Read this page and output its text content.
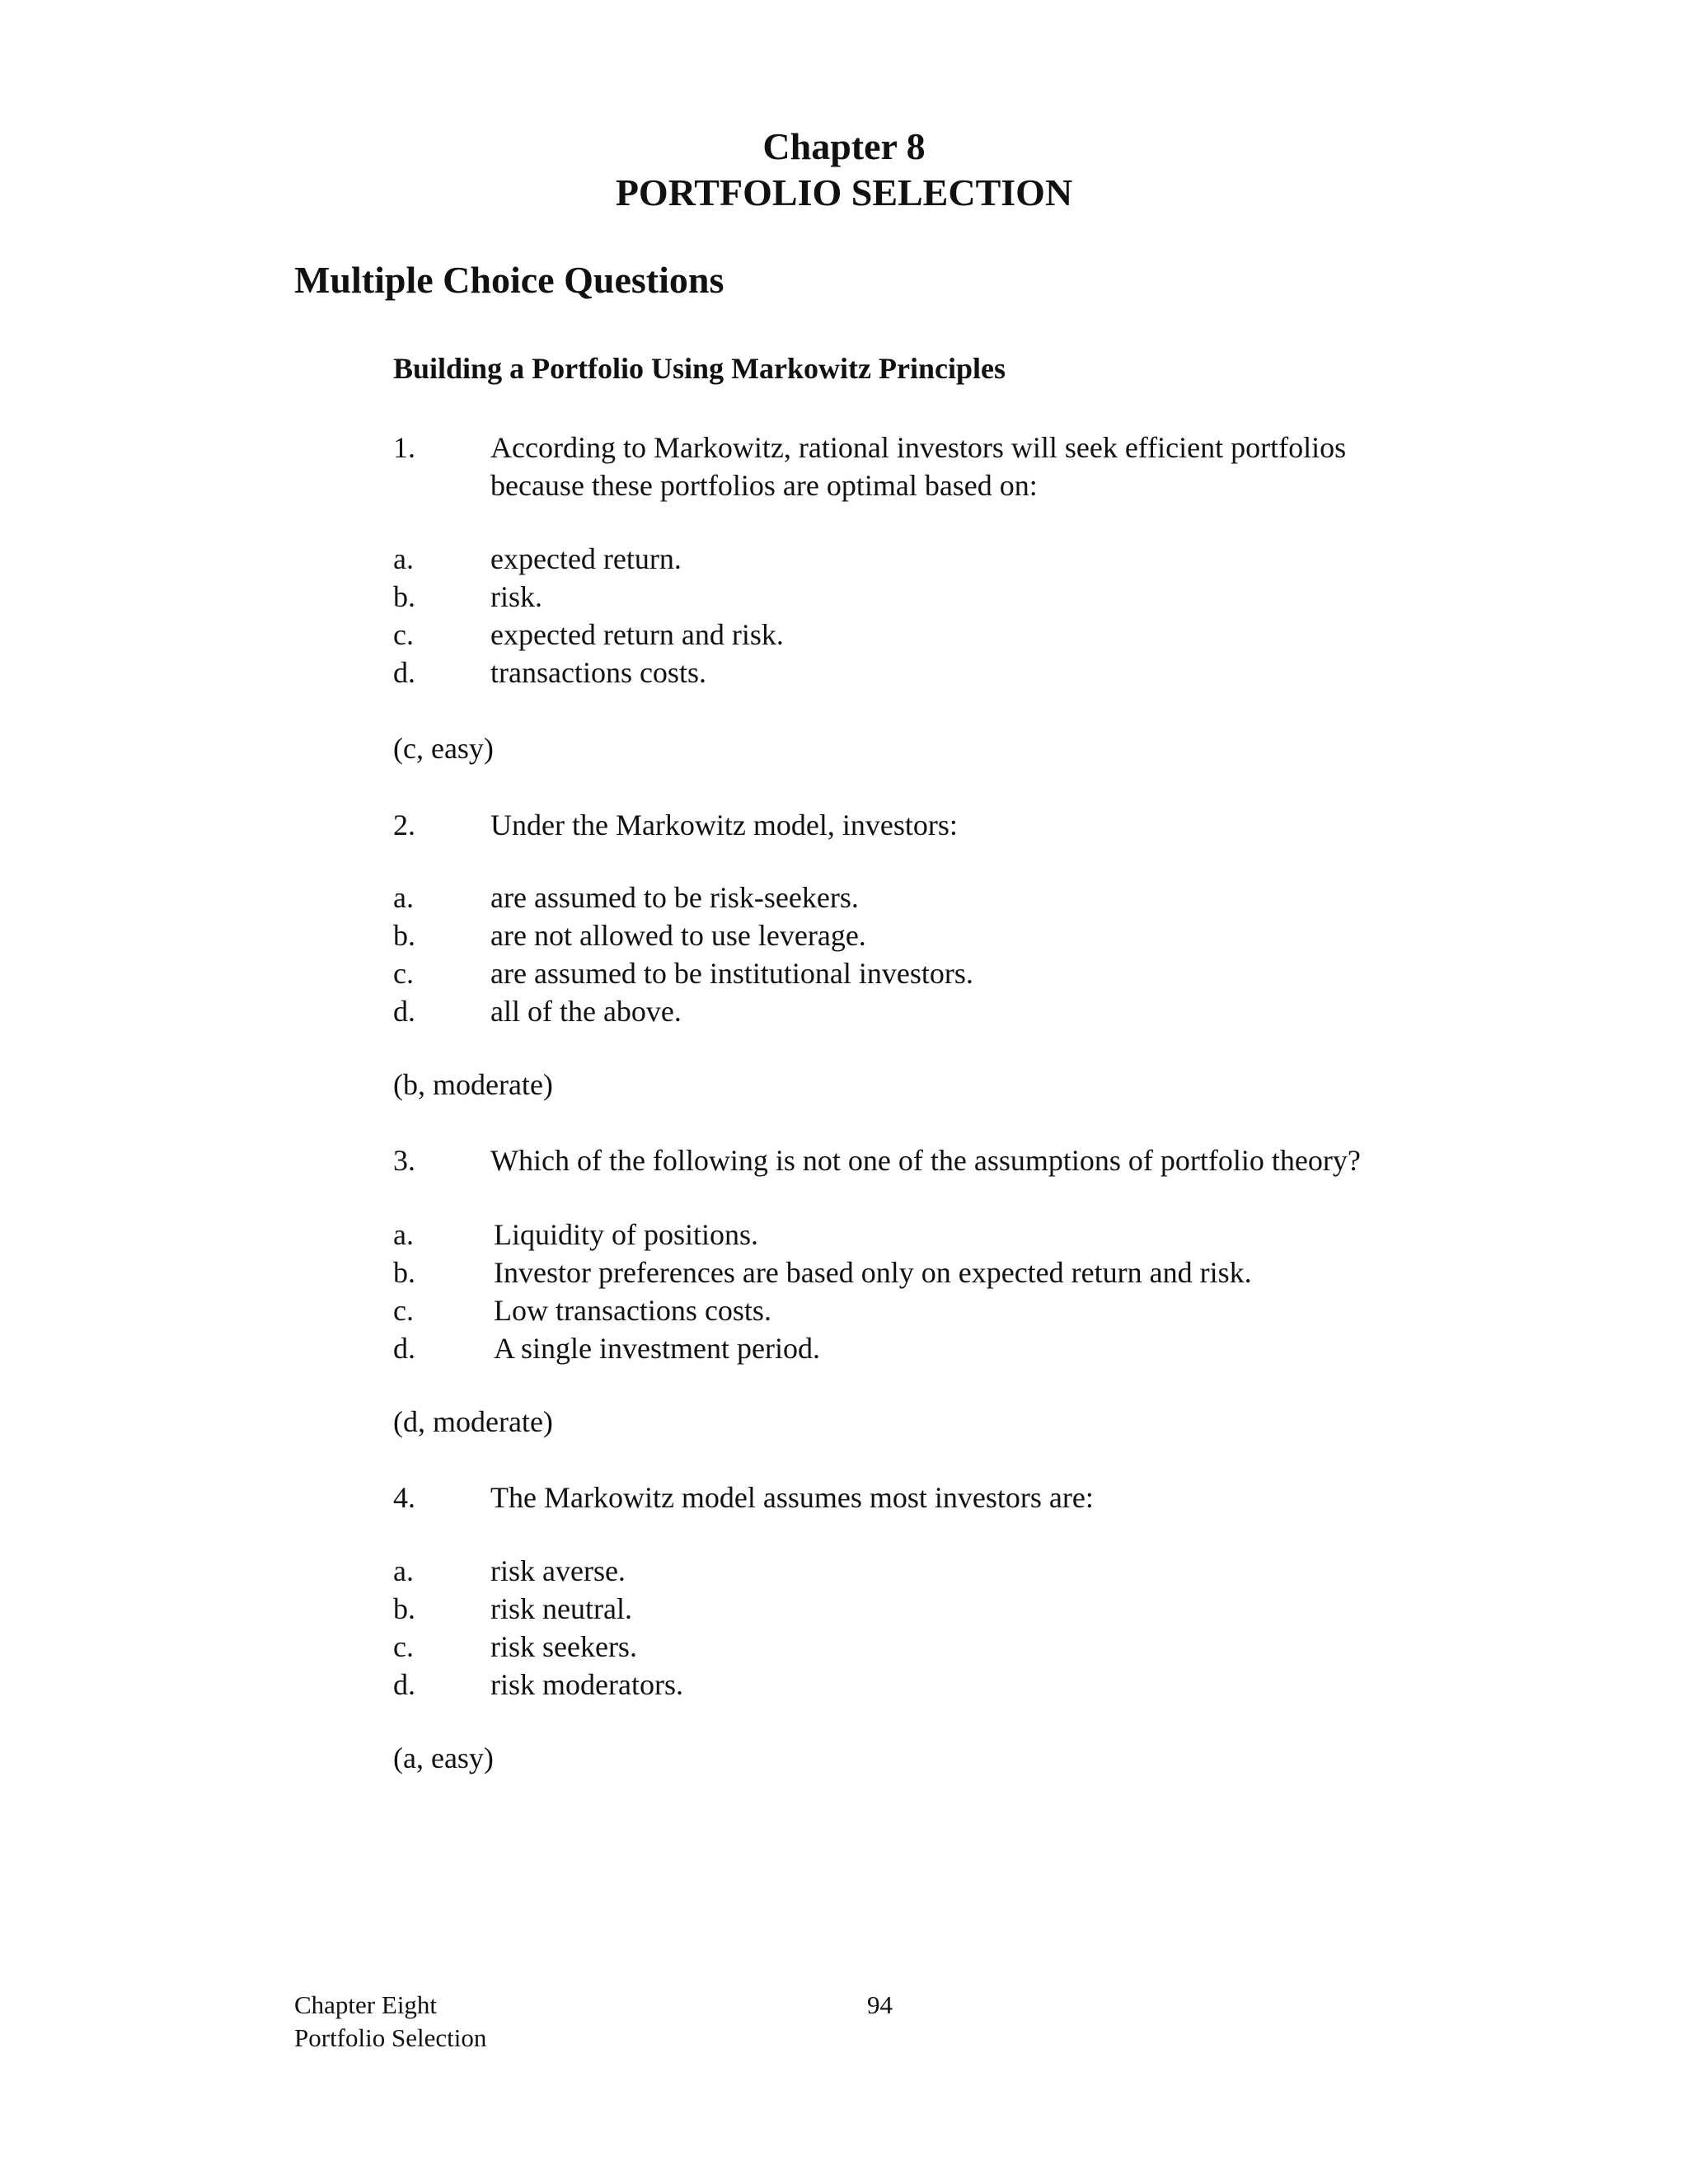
Chapter 8
PORTFOLIO SELECTION
Multiple Choice Questions
Building a Portfolio Using Markowitz Principles
1.	According to Markowitz, rational investors will seek efficient portfolios
because these portfolios are optimal based on:
a.	expected return.
b.	risk.
c.	expected return and risk.
d.	transactions costs.
(c, easy)
2.	Under the Markowitz model, investors:
a.	are assumed to be risk-seekers.
b.	are not allowed to use leverage.
c.	are assumed to be institutional investors.
d.	all of the above.
(b, moderate)
3.	Which of the following is not one of the assumptions of portfolio theory?
a.	Liquidity of positions.
b.	Investor preferences are based only on expected return and risk.
c.	Low transactions costs.
d.	A single investment period.
(d, moderate)
4.	The Markowitz model assumes most investors are:
a.	risk averse.
b.	risk neutral.
c.	risk seekers.
d.	risk moderators.
(a, easy)
Chapter Eight
Portfolio Selection
94
